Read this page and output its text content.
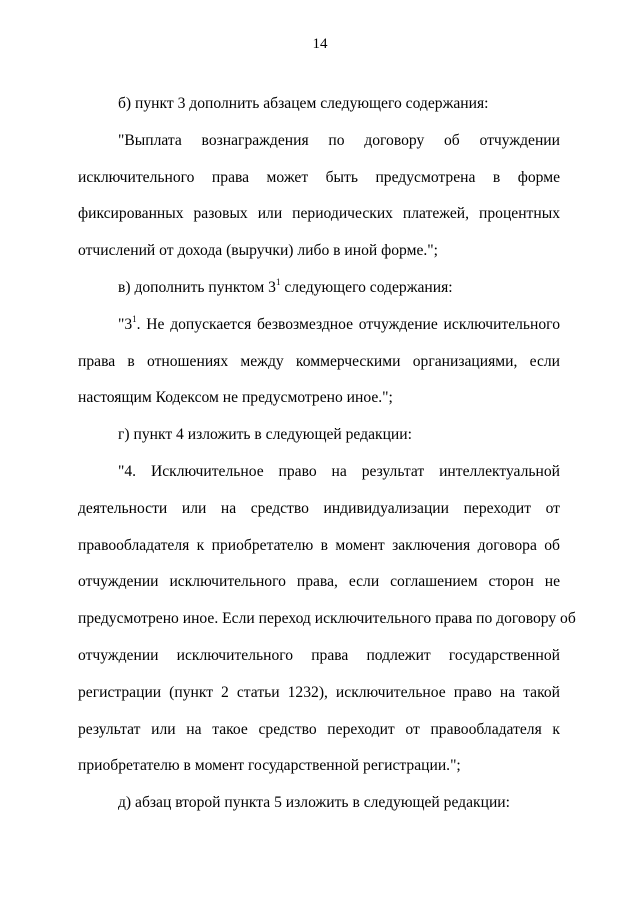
14
б) пункт 3 дополнить абзацем следующего содержания:
"Выплата вознаграждения по договору об отчуждении
исключительного права может быть предусмотрена в форме
фиксированных разовых или периодических платежей, процентных
отчислений от дохода (выручки) либо в иной форме.";
в) дополнить пунктом $3^1$ следующего содержания:
"$3^1$. Не допускается безвозмездное отчуждение исключительного
права в отношениях между коммерческими организациями, если
настоящим Кодексом не предусмотрено иное.";
г) пункт 4 изложить в следующей редакции:
"4. Исключительное право на результат интеллектуальной
деятельности или на средство индивидуализации переходит от
правообладателя к приобретателю в момент заключения договора об
отчуждении исключительного права, если соглашением сторон не
предусмотрено иное. Если переход исключительного права по договору об
отчуждении исключительного права подлежит государственной
регистрации (пункт 2 статьи 1232), исключительное право на такой
результат или на такое средство переходит от правообладателя к
приобретателю в момент государственной регистрации.";
д) абзац второй пункта 5 изложить в следующей редакции:
